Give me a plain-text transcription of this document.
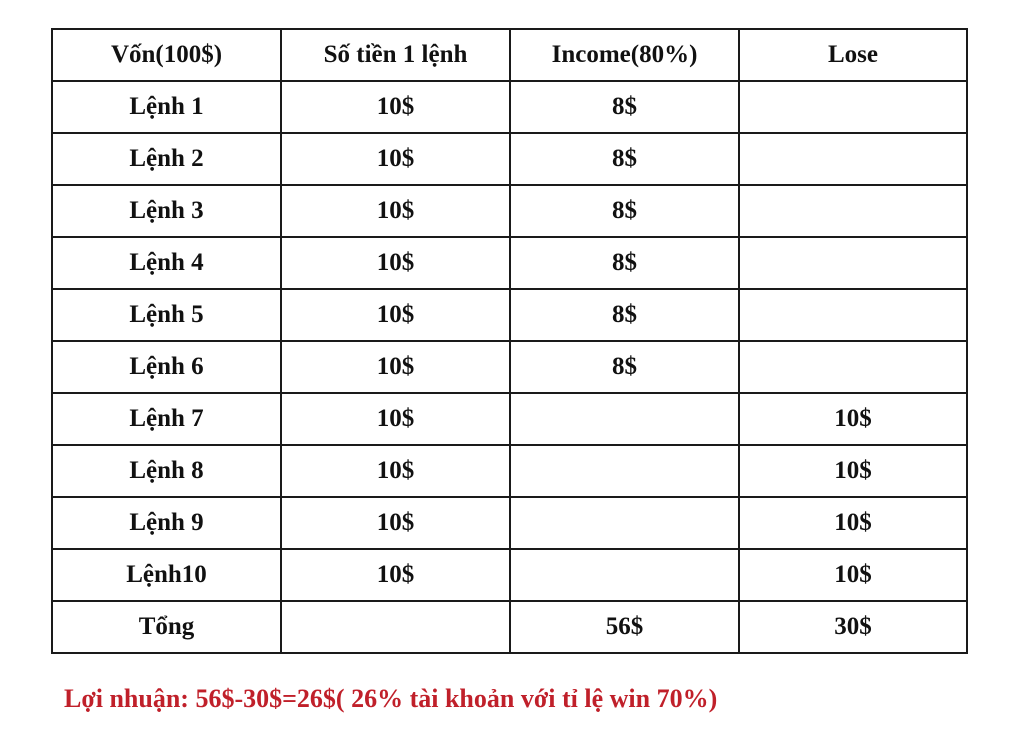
Vốn(100$)	Số tiền 1 lệnh	Income(80%)	Lose
Lệnh 1	10$	8$	
Lệnh 2	10$	8$	
Lệnh 3	10$	8$	
Lệnh 4	10$	8$	
Lệnh 5	10$	8$	
Lệnh 6	10$	8$	
Lệnh 7	10$		10$
Lệnh 8	10$		10$
Lệnh 9	10$		10$
Lệnh10	10$		10$
Tổng		56$	30$
Lợi nhuận: 56$-30$=26$( 26% tài khoản với tỉ lệ win 70%)
